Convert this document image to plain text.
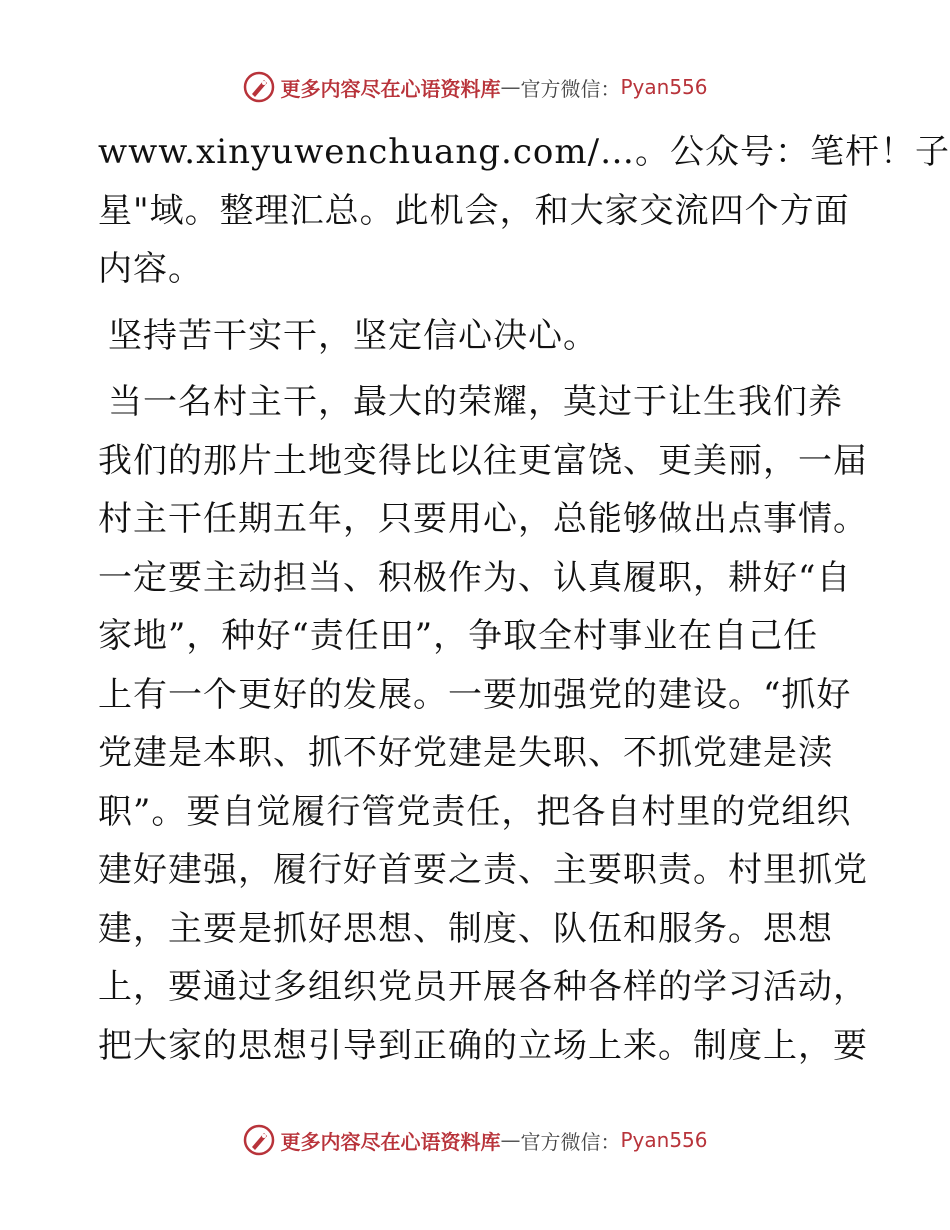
更多内容尽在心语资料库 — 官方微信： Pyan556

www.xinyuwenchuang.com/…。公众号：笔杆！子
星"域。整理汇总。此机会，和大家交流四个方面
内容。

坚持苦干实干，坚定信心决心。

当一名村主干，最大的荣耀，莫过于让生我们养
我们的那片土地变得比以往更富饶、更美丽，一届
村主干任期五年，只要用心，总能够做出点事情。
一定要主动担当、积极作为、认真履职，耕好“自
家地”，种好“责任田”，争取全村事业在自己任
上有一个更好的发展。一要加强党的建设。“抓好
党建是本职、抓不好党建是失职、不抓党建是渎
职”。要自觉履行管党责任，把各自村里的党组织
建好建强，履行好首要之责、主要职责。村里抓党
建，主要是抓好思想、制度、队伍和服务。思想
上，要通过多组织党员开展各种各样的学习活动，
把大家的思想引导到正确的立场上来。制度上，要

更多内容尽在心语资料库 — 官方微信： Pyan556
